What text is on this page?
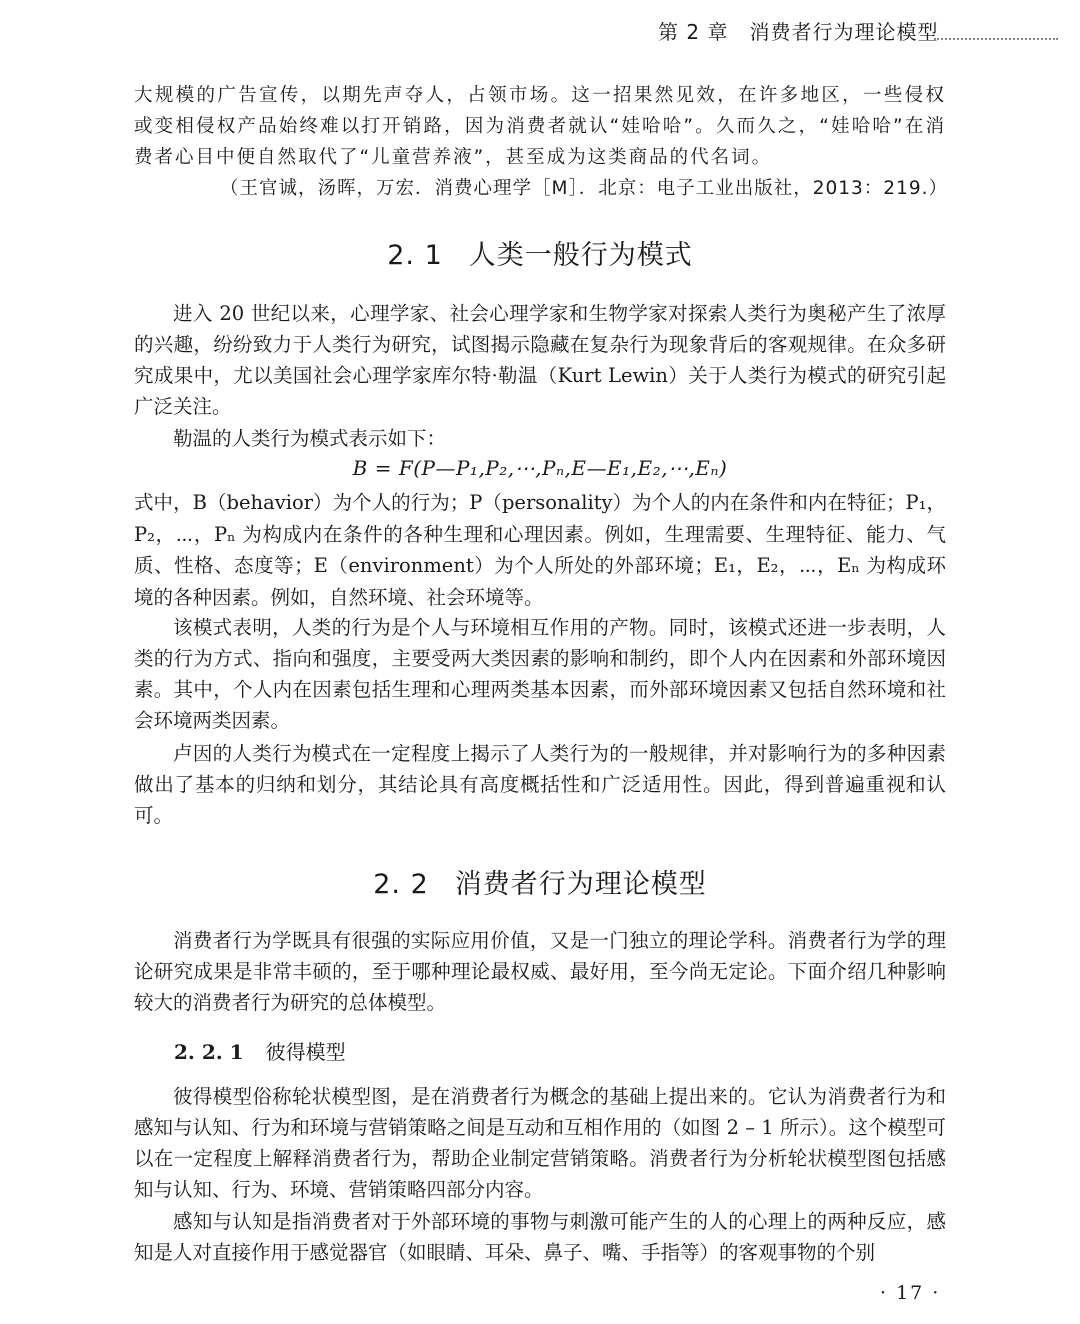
第 2 章　消费者行为理论模型

大规模的广告宣传，以期先声夺人，占领市场。这一招果然见效，在许多地区，一些侵权或变相侵权产品始终难以打开销路，因为消费者就认“娃哈哈”。久而久之，“娃哈哈”在消费者心目中便自然取代了“儿童营养液”，甚至成为这类商品的代名词。

（王官诚，汤晖，万宏．消费心理学［M］．北京：电子工业出版社，2013：219.）

2. 1 人类一般行为模式

进入 20 世纪以来，心理学家、社会心理学家和生物学家对探索人类行为奥秘产生了浓厚的兴趣，纷纷致力于人类行为研究，试图揭示隐藏在复杂行为现象背后的客观规律。在众多研究成果中，尤以美国社会心理学家库尔特·勒温（Kurt Lewin）关于人类行为模式的研究引起广泛关注。

勒温的人类行为模式表示如下：

B = F(P—P₁,P₂,⋯,Pₙ,E—E₁,E₂,⋯,Eₙ)

式中，B（behavior）为个人的行为；P（personality）为个人的内在条件和内在特征；P₁，P₂，⋯，Pₙ 为构成内在条件的各种生理和心理因素。例如，生理需要、生理特征、能力、气质、性格、态度等；E（environment）为个人所处的外部环境；E₁，E₂，⋯，Eₙ 为构成环境的各种因素。例如，自然环境、社会环境等。

该模式表明，人类的行为是个人与环境相互作用的产物。同时，该模式还进一步表明，人类的行为方式、指向和强度，主要受两大类因素的影响和制约，即个人内在因素和外部环境因素。其中，个人内在因素包括生理和心理两类基本因素，而外部环境因素又包括自然环境和社会环境两类因素。

卢因的人类行为模式在一定程度上揭示了人类行为的一般规律，并对影响行为的多种因素做出了基本的归纳和划分，其结论具有高度概括性和广泛适用性。因此，得到普遍重视和认可。

2. 2 消费者行为理论模型

消费者行为学既具有很强的实际应用价值，又是一门独立的理论学科。消费者行为学的理论研究成果是非常丰硕的，至于哪种理论最权威、最好用，至今尚无定论。下面介绍几种影响较大的消费者行为研究的总体模型。

2. 2. 1 彼得模型

彼得模型俗称轮状模型图，是在消费者行为概念的基础上提出来的。它认为消费者行为和感知与认知、行为和环境与营销策略之间是互动和互相作用的（如图 2 – 1 所示）。这个模型可以在一定程度上解释消费者行为，帮助企业制定营销策略。消费者行为分析轮状模型图包括感知与认知、行为、环境、营销策略四部分内容。

感知与认知是指消费者对于外部环境的事物与刺激可能产生的人的心理上的两种反应，感知是人对直接作用于感觉器官（如眼睛、耳朵、鼻子、嘴、手指等）的客观事物的个别

· 17 ·
